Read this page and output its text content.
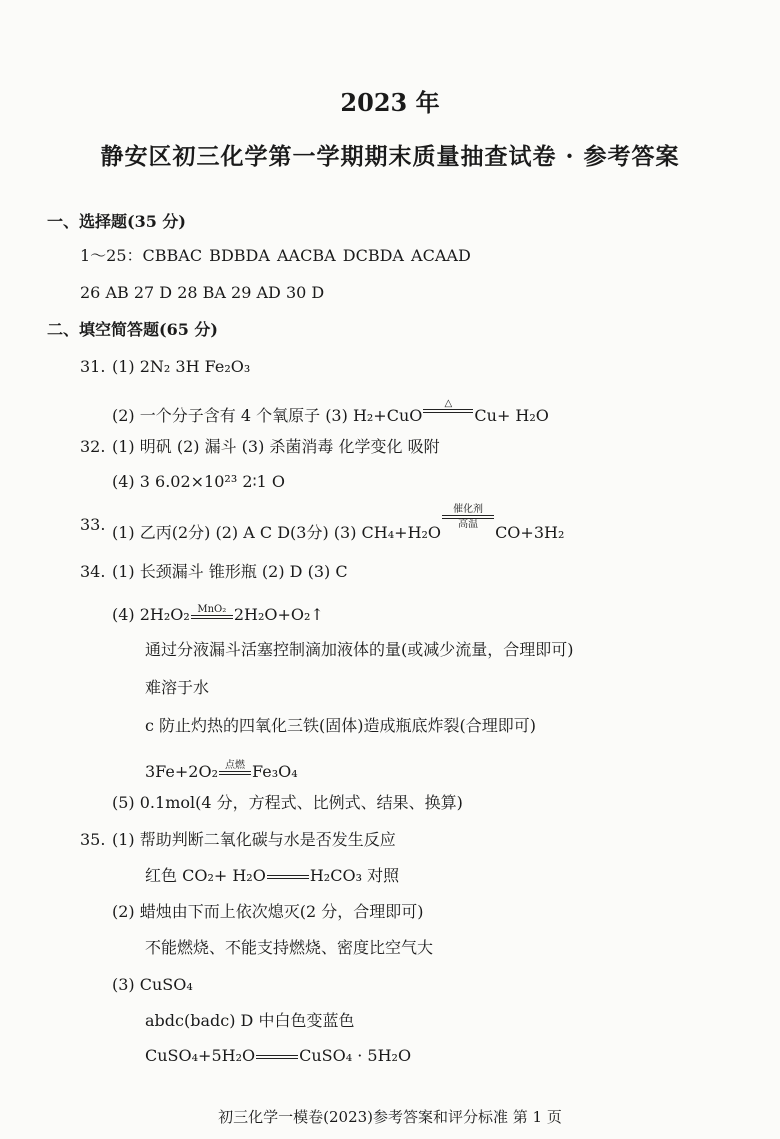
2023 年
静安区初三化学第一学期期末质量抽查试卷 · 参考答案
一、选择题(35 分)
1～25：CBBAC BDBDA AACBA DCBDA ACAAD
26 AB 27 D 28 BA 29 AD 30 D
二、填空简答题(65 分)
31. (1) 2N₂ 3H Fe₂O₃
(2) 一个分子含有 4 个氧原子 (3) H₂+CuO
△

Cu+ H₂O
32. (1) 明矾 (2) 漏斗 (3) 杀菌消毒 化学变化 吸附
(4) 3 6.02×10²³ 2∶1 O
33. (1) 乙丙(2分) (2) A C D(3分) (3) CH₄+H₂O
催化剂
高温	CO+3H₂
34. (1) 长颈漏斗 锥形瓶 (2) D (3) C
(4) 2H₂O₂ MnO₂ 2H₂O+O₂↑
通过分液漏斗活塞控制滴加液体的量(或减少流量，合理即可)
难溶于水
c 防止灼热的四氧化三铁(固体)造成瓶底炸裂(合理即可)
3Fe+2O₂ 点燃 Fe₃O₄
(5) 0.1mol(4 分，方程式、比例式、结果、换算)
35. (1) 帮助判断二氧化碳与水是否发生反应
红色 CO₂+ H₂O	H₂CO₃ 对照
(2) 蜡烛由下而上依次熄灭(2 分，合理即可)
不能燃烧、不能支持燃烧、密度比空气大
(3) CuSO₄
abdc(badc) D 中白色变蓝色
CuSO₄+5H₂O	CuSO₄ · 5H₂O
初三化学一模卷(2023)参考答案和评分标准 第 1 页
